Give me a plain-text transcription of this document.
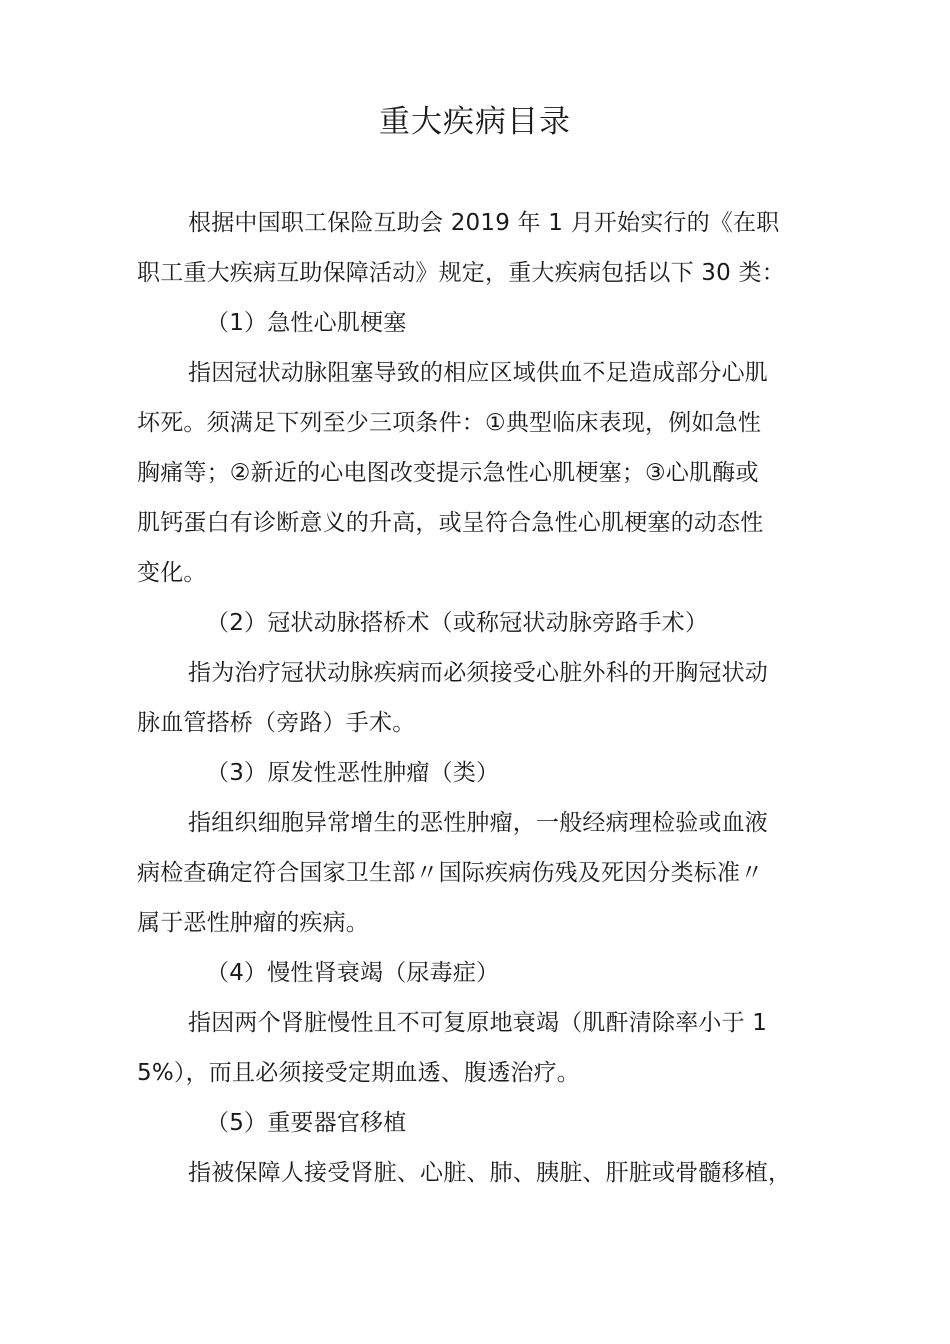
重大疾病目录
根据中国职工保险互助会 2019 年 1 月开始实行的《在职
职工重大疾病互助保障活动》规定，重大疾病包括以下 30 类：
（1）急性心肌梗塞
指因冠状动脉阻塞导致的相应区域供血不足造成部分心肌
坏死。须满足下列至少三项条件：①典型临床表现，例如急性
胸痛等；②新近的心电图改变提示急性心肌梗塞；③心肌酶或
肌钙蛋白有诊断意义的升高，或呈符合急性心肌梗塞的动态性
变化。
（2）冠状动脉搭桥术（或称冠状动脉旁路手术）
指为治疗冠状动脉疾病而必须接受心脏外科的开胸冠状动
脉血管搭桥（旁路）手术。
（3）原发性恶性肿瘤（类）
指组织细胞异常增生的恶性肿瘤，一般经病理检验或血液
病检查确定符合国家卫生部〃国际疾病伤残及死因分类标准〃
属于恶性肿瘤的疾病。
（4）慢性肾衰竭（尿毒症）
指因两个肾脏慢性且不可复原地衰竭（肌酐清除率小于 1
5%），而且必须接受定期血透、腹透治疗。
（5）重要器官移植
指被保障人接受肾脏、心脏、肺、胰脏、肝脏或骨髓移植，
